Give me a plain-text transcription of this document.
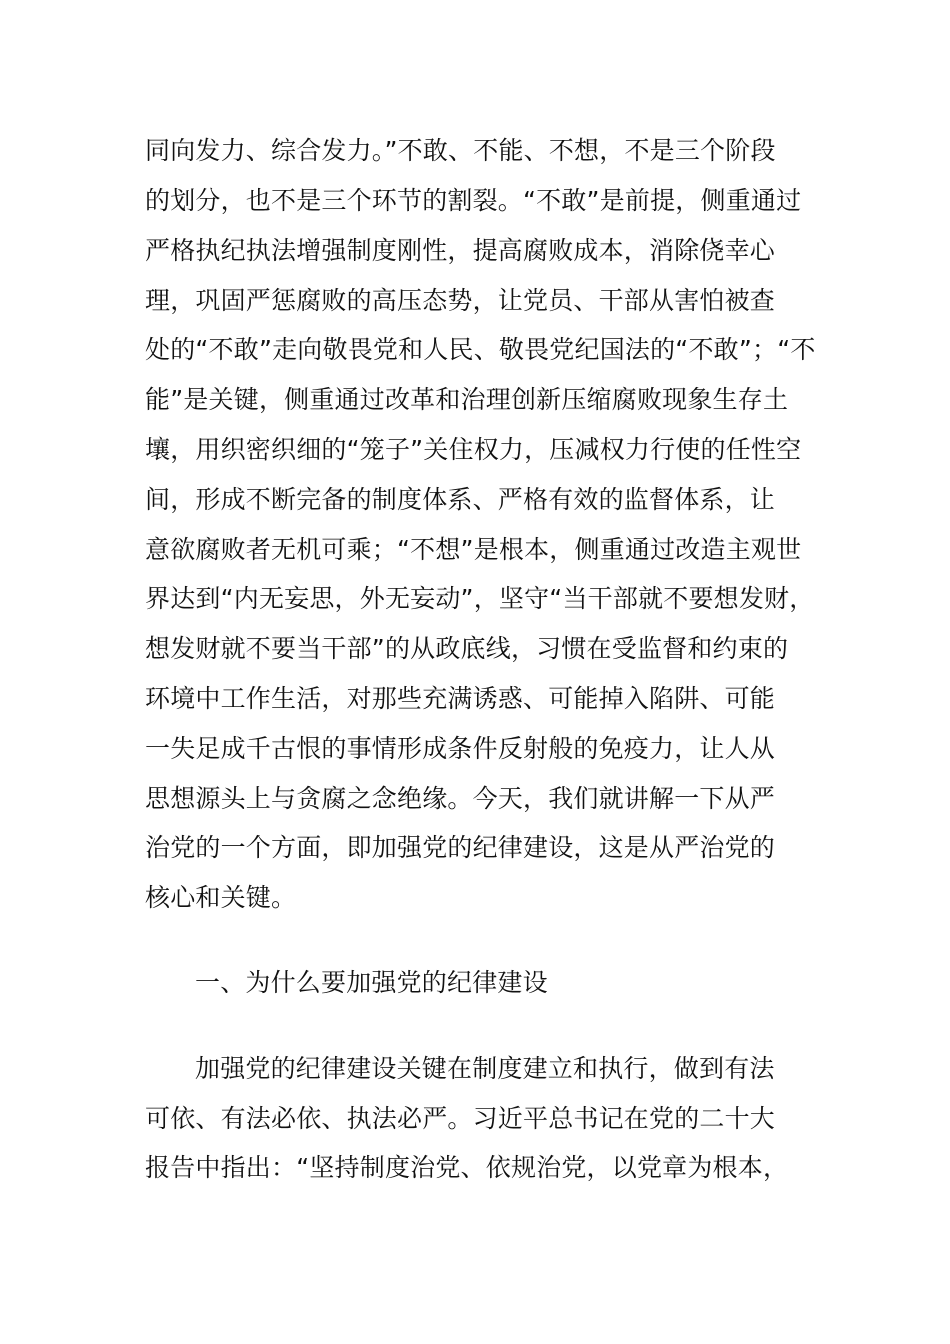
同向发力、综合发力。”不敢、不能、不想，不是三个阶段
的划分，也不是三个环节的割裂。“不敢”是前提，侧重通过
严格执纪执法增强制度刚性，提高腐败成本，消除侥幸心
理，巩固严惩腐败的高压态势，让党员、干部从害怕被查
处的“不敢”走向敬畏党和人民、敬畏党纪国法的“不敢”；“不
能”是关键，侧重通过改革和治理创新压缩腐败现象生存土
壤，用织密织细的“笼子”关住权力，压减权力行使的任性空
间，形成不断完备的制度体系、严格有效的监督体系，让
意欲腐败者无机可乘；“不想”是根本，侧重通过改造主观世
界达到“内无妄思，外无妄动”，坚守“当干部就不要想发财，
想发财就不要当干部”的从政底线，习惯在受监督和约束的
环境中工作生活，对那些充满诱惑、可能掉入陷阱、可能
一失足成千古恨的事情形成条件反射般的免疫力，让人从
思想源头上与贪腐之念绝缘。今天，我们就讲解一下从严
治党的一个方面，即加强党的纪律建设，这是从严治党的
核心和关键。
一、为什么要加强党的纪律建设
加强党的纪律建设关键在制度建立和执行，做到有法
可依、有法必依、执法必严。习近平总书记在党的二十大
报告中指出：“坚持制度治党、依规治党，以党章为根本，
